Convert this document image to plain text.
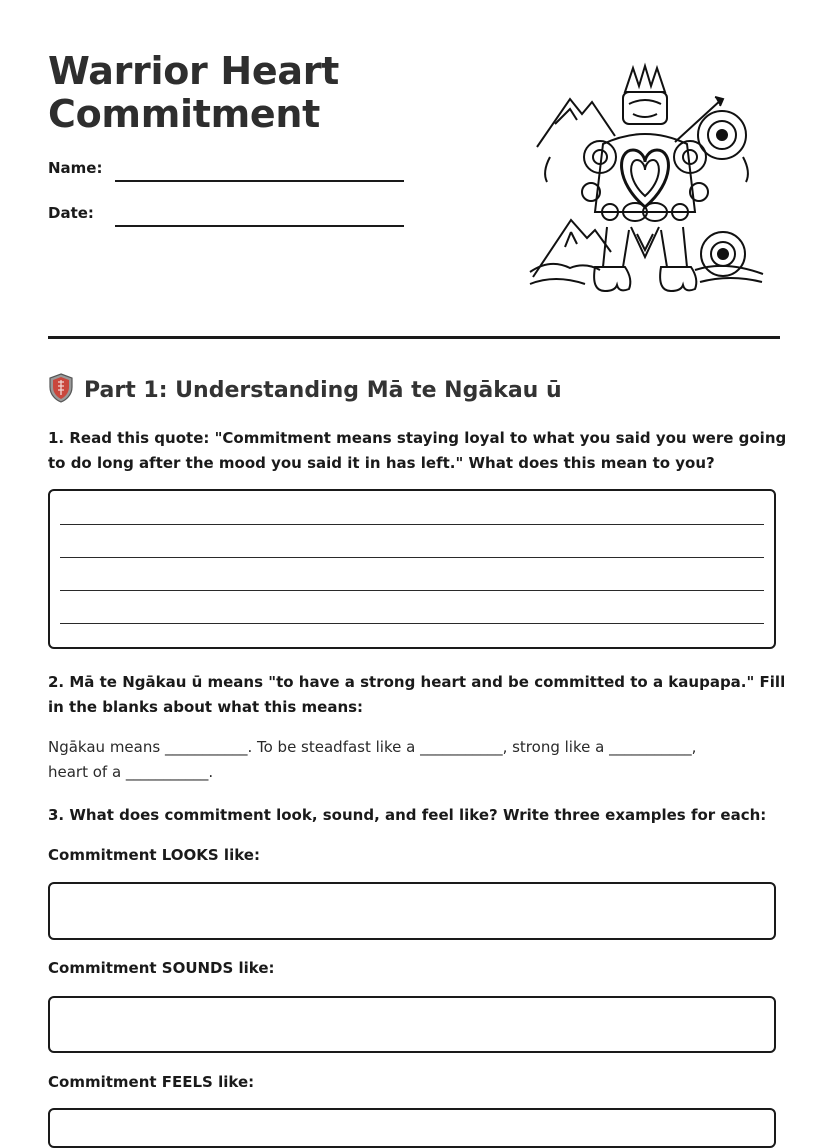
Warrior Heart
Commitment
Name:
Date:
Part 1: Understanding Mā te Ngākau ū
1. Read this quote: "Commitment means staying loyal to what you said you were going to do long after the mood you said it in has left." What does this mean to you?
2. Mā te Ngākau ū means "to have a strong heart and be committed to a kaupapa." Fill in the blanks about what this means:
Ngākau means ___________. To be steadfast like a ___________, strong like a ___________, heart of a ___________.
3. What does commitment look, sound, and feel like? Write three examples for each:
Commitment LOOKS like:
Commitment SOUNDS like:
Commitment FEELS like:
